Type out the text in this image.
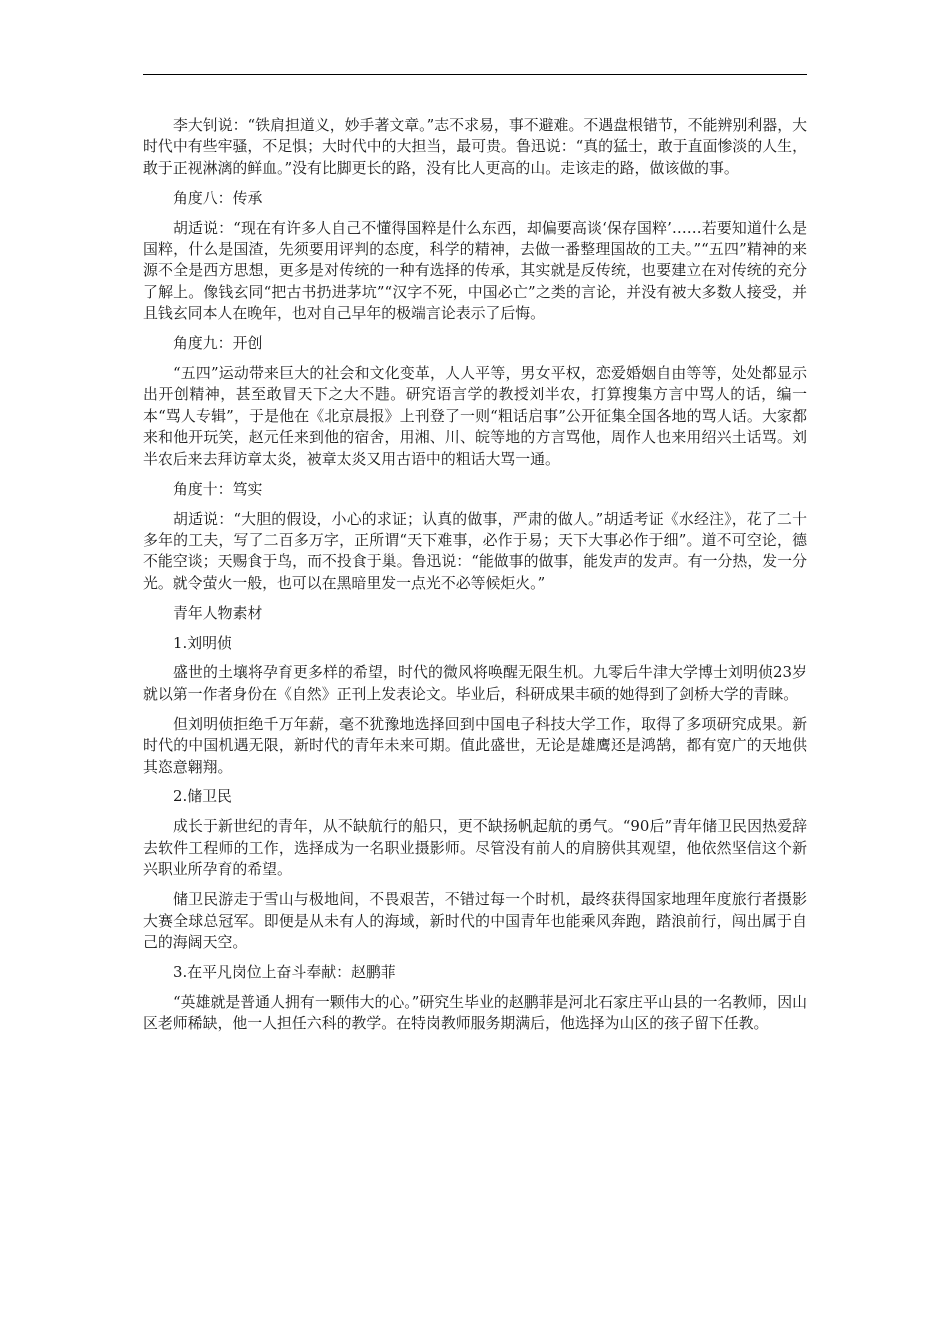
李大钊说：“铁肩担道义，妙手著文章。”志不求易，事不避难。不遇盘根错节，不能辨别利器，大时代中有些牢骚，不足惧；大时代中的大担当，最可贵。鲁迅说：“真的猛士，敢于直面惨淡的人生，敢于正视淋漓的鲜血。”没有比脚更长的路，没有比人更高的山。走该走的路，做该做的事。

角度八：传承

胡适说：“现在有许多人自己不懂得国粹是什么东西，却偏要高谈‘保存国粹’……若要知道什么是国粹，什么是国渣，先须要用评判的态度，科学的精神，去做一番整理国故的工夫。”“五四”精神的来源不全是西方思想，更多是对传统的一种有选择的传承，其实就是反传统，也要建立在对传统的充分了解上。像钱玄同“把古书扔进茅坑”“汉字不死，中国必亡”之类的言论，并没有被大多数人接受，并且钱玄同本人在晚年，也对自己早年的极端言论表示了后悔。

角度九：开创

“五四”运动带来巨大的社会和文化变革，人人平等，男女平权，恋爱婚姻自由等等，处处都显示出开创精神，甚至敢冒天下之大不韪。研究语言学的教授刘半农，打算搜集方言中骂人的话，编一本“骂人专辑”，于是他在《北京晨报》上刊登了一则“粗话启事”公开征集全国各地的骂人话。大家都来和他开玩笑，赵元任来到他的宿舍，用湘、川、皖等地的方言骂他，周作人也来用绍兴土话骂。刘半农后来去拜访章太炎，被章太炎又用古语中的粗话大骂一通。

角度十：笃实

胡适说：“大胆的假设，小心的求证；认真的做事，严肃的做人。”胡适考证《水经注》，花了二十多年的工夫，写了二百多万字，正所谓“天下难事，必作于易；天下大事必作于细”。道不可空论，德不能空谈；天赐食于鸟，而不投食于巢。鲁迅说：“能做事的做事，能发声的发声。有一分热，发一分光。就令萤火一般，也可以在黑暗里发一点光不必等候炬火。”

青年人物素材

1.刘明侦

盛世的土壤将孕育更多样的希望，时代的微风将唤醒无限生机。九零后牛津大学博士刘明侦23岁就以第一作者身份在《自然》正刊上发表论文。毕业后，科研成果丰硕的她得到了剑桥大学的青睐。

但刘明侦拒绝千万年薪，毫不犹豫地选择回到中国电子科技大学工作，取得了多项研究成果。新时代的中国机遇无限，新时代的青年未来可期。值此盛世，无论是雄鹰还是鸿鹄，都有宽广的天地供其恣意翱翔。

2.储卫民

成长于新世纪的青年，从不缺航行的船只，更不缺扬帆起航的勇气。“90后”青年储卫民因热爱辞去软件工程师的工作，选择成为一名职业摄影师。尽管没有前人的肩膀供其观望，他依然坚信这个新兴职业所孕育的希望。

储卫民游走于雪山与极地间，不畏艰苦，不错过每一个时机，最终获得国家地理年度旅行者摄影大赛全球总冠军。即便是从未有人的海域，新时代的中国青年也能乘风奔跑，踏浪前行，闯出属于自己的海阔天空。

3.在平凡岗位上奋斗奉献：赵鹏菲

“英雄就是普通人拥有一颗伟大的心。”研究生毕业的赵鹏菲是河北石家庄平山县的一名教师，因山区老师稀缺，他一人担任六科的教学。在特岗教师服务期满后，他选择为山区的孩子留下任教。
